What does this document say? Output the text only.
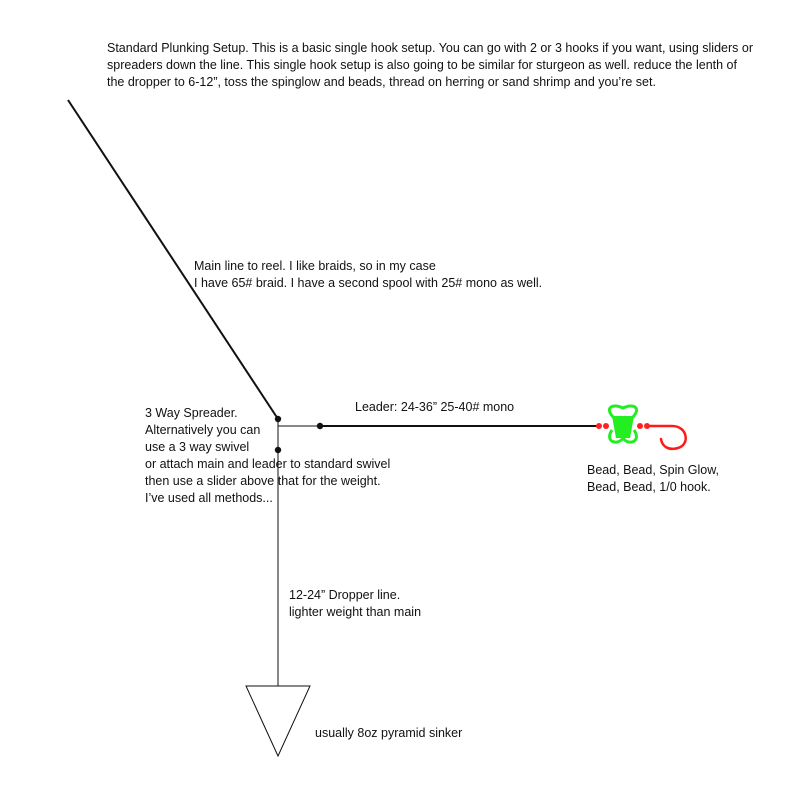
Standard Plunking Setup. This is a basic single hook setup. You can go with 2 or 3 hooks if you want, using sliders or
spreaders down the line. This single hook setup is also going to be similar for sturgeon as well. reduce the lenth of
the dropper to 6-12”, toss the spinglow and beads, thread on herring or sand shrimp and you’re set.
Main line to reel. I like braids, so in my case
I have 65# braid. I have a second spool with 25# mono as well.
3 Way Spreader.
Alternatively you can
use a 3 way swivel
or attach main and leader to standard swivel
then use a slider above that for the weight.
I’ve used all methods...
Leader: 24-36” 25-40# mono
Bead, Bead, Spin Glow,
Bead, Bead, 1/0 hook.
12-24” Dropper line.
lighter weight than main
usually 8oz pyramid sinker
